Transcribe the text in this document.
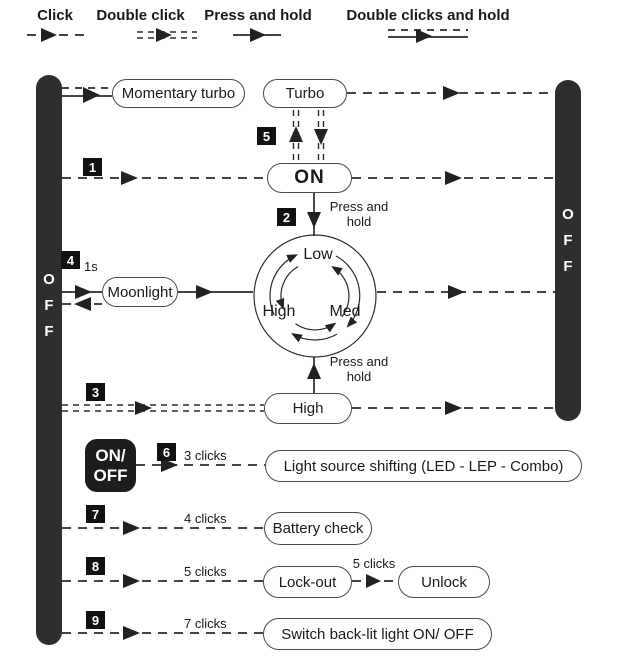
Click	Double click Press and hold	Double clicks and hold
OFF
OFF
Momentary turbo	Turbo
ON
Moonlight
High
Light source shifting (LED - LEP - Combo)
Battery check
Lock-out	Unlock
Switch back-lit light ON/ OFF
ON/
OFF
1
2
3
4
5
6
7
8
9
Low
High Med
1s
Press and hold
Press and hold
3 clicks
4 clicks
5 clicks
5 clicks
7 clicks
